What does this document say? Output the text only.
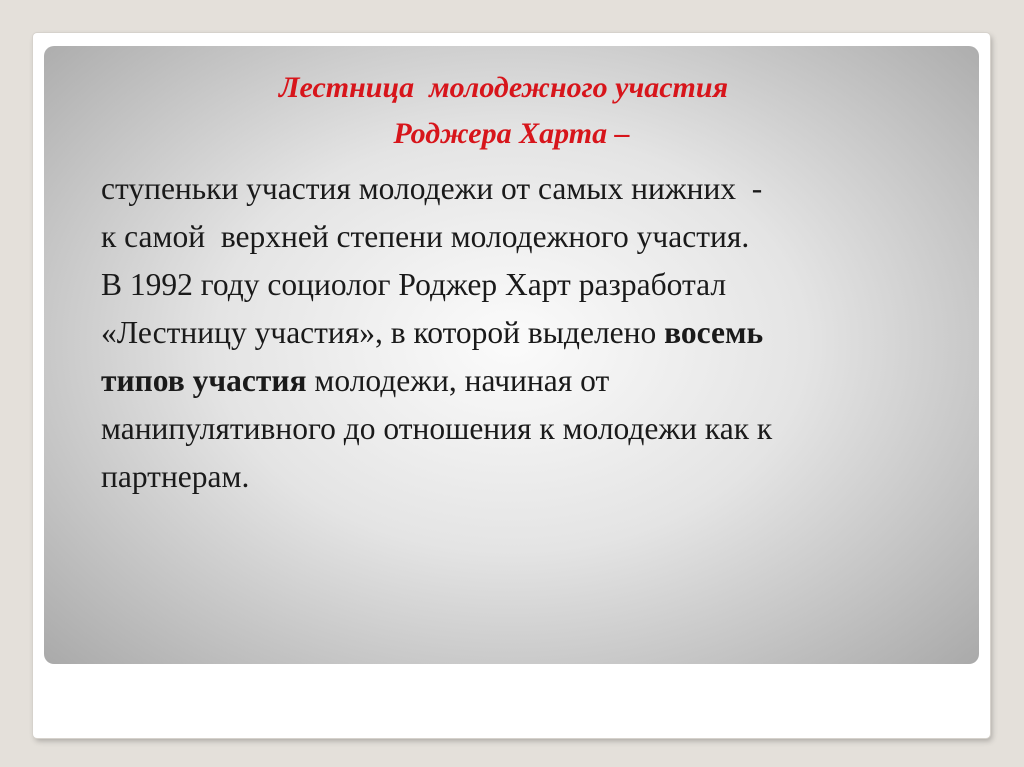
Лестница  молодежного участия
Роджера Харта –

ступеньки участия молодежи от самых нижних  -
к самой  верхней степени молодежного участия.

В 1992 году социолог Роджер Харт разработал
«Лестницу участия», в которой выделено восемь
типов участия молодежи, начиная от
манипулятивного до отношения к молодежи как к
партнерам.
